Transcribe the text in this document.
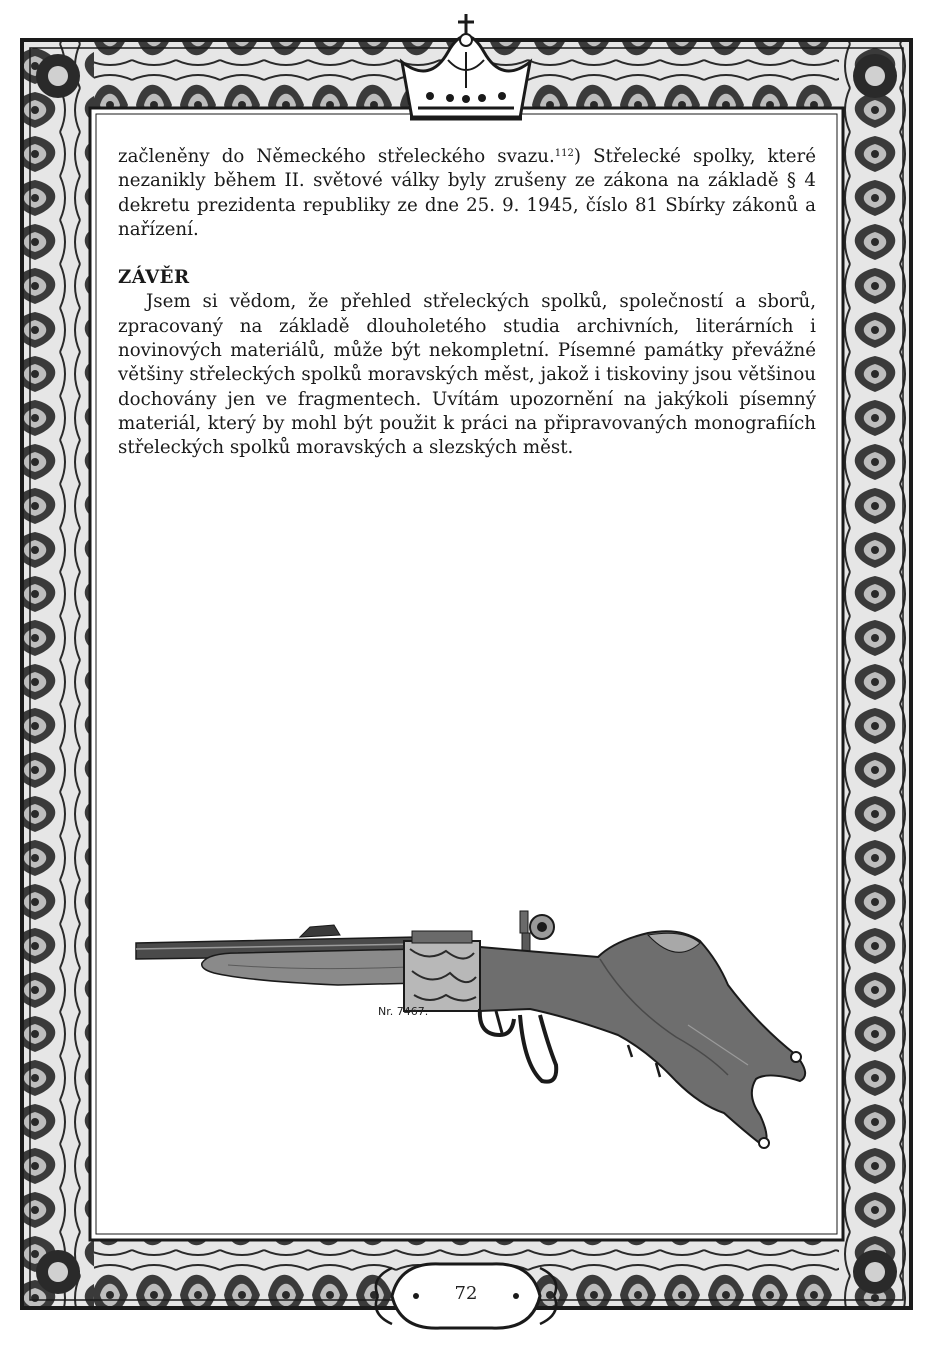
začleněny do Německého střeleckého svazu.$^{112}$) Střelecké spolky, které nezanikly během II. světové války byly zrušeny ze zákona na základě § 4 dekretu prezidenta republiky ze dne 25. 9. 1945, číslo 81 Sbírky zákonů a nařízení.

ZÁVĚR

Jsem si vědom, že přehled střeleckých spolků, společností a sborů, zpracovaný na základě dlouholetého studia archivních, literárních i novinových materiálů, může být nekompletní. Písemné památky převážné většiny střeleckých spolků moravských měst, jakož i tiskoviny jsou většinou dochovány jen ve fragmentech. Uvítám upozornění na jakýkoli písemný materiál, který by mohl být použit k práci na připravovaných monografiích střeleckých spolků moravských a slezských měst.

Nr. 7467.
72
